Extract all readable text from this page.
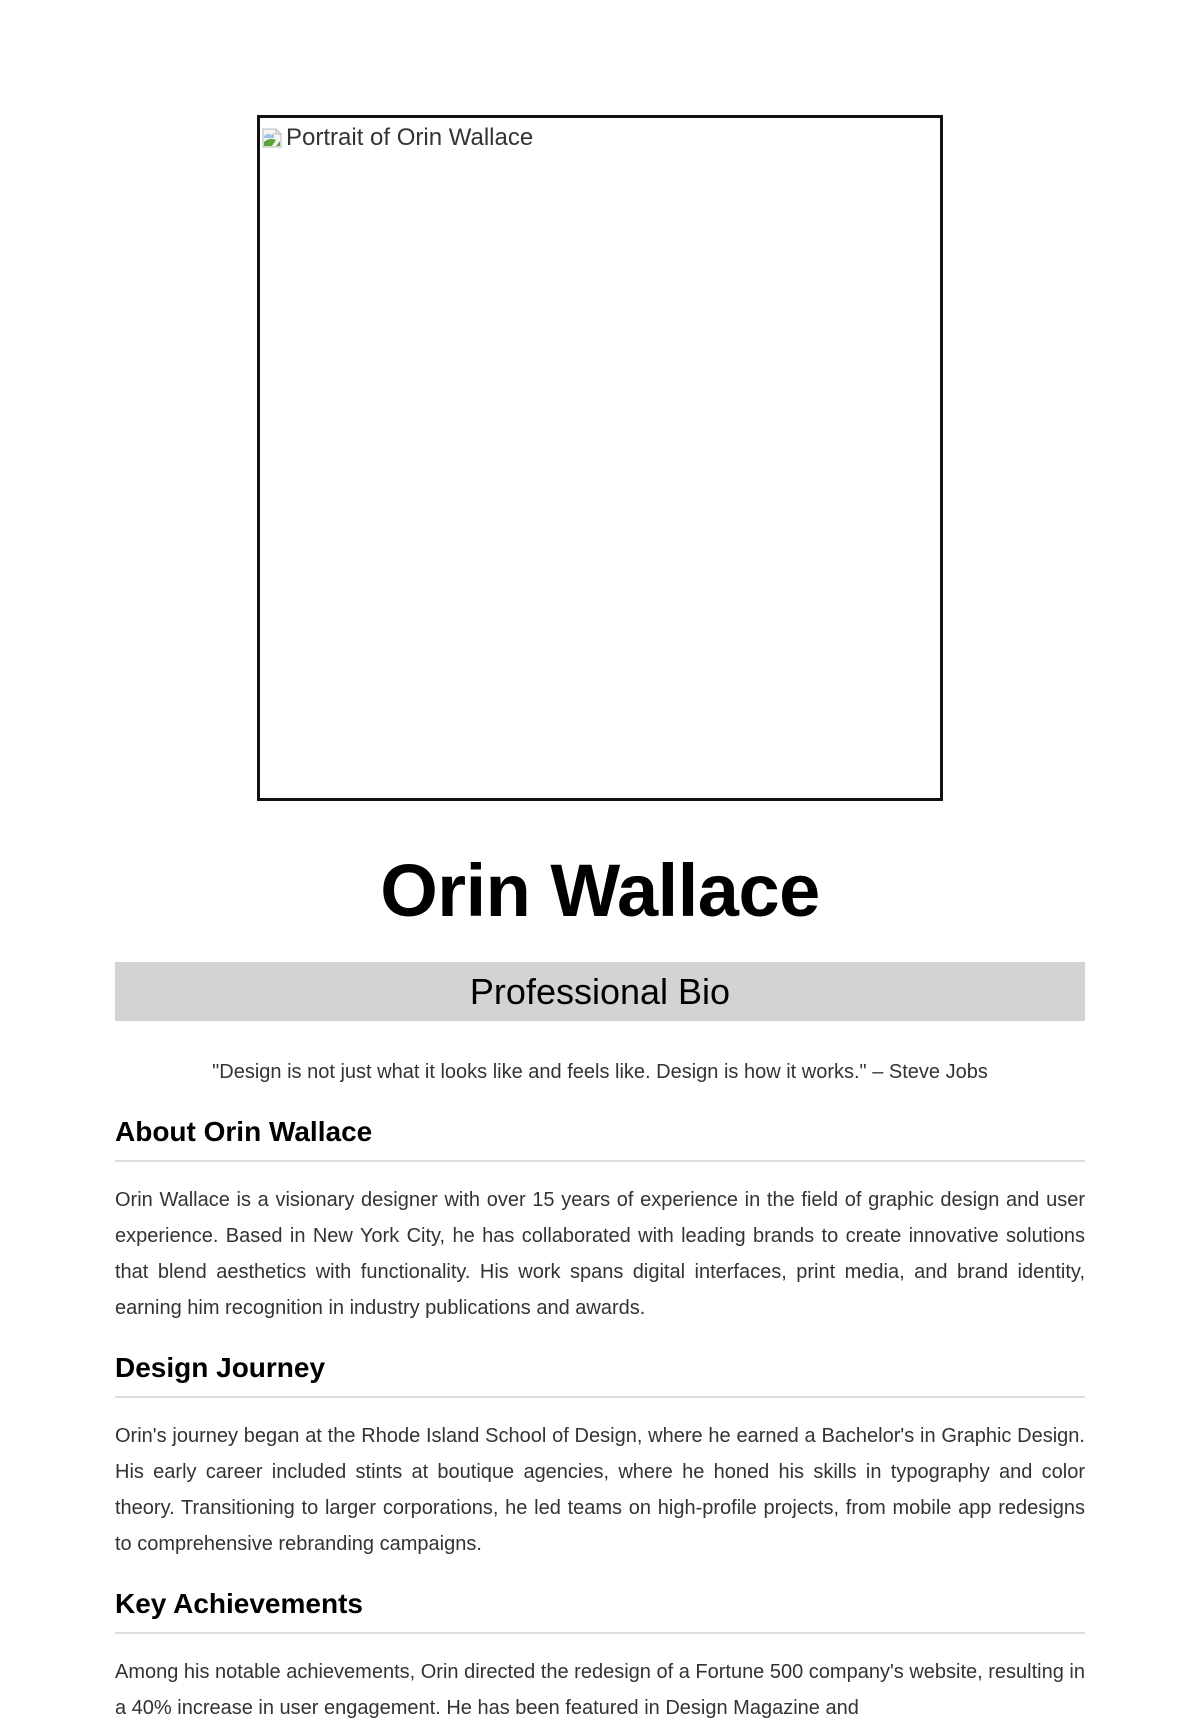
Portrait of Orin Wallace
Orin Wallace
Professional Bio

"Design is not just what it looks like and feels like. Design is how it works." – Steve Jobs

About Orin Wallace

Orin Wallace is a visionary designer with over 15 years of experience in the field of graphic design and user experience. Based in New York City, he has collaborated with leading brands to create innovative solutions that blend aesthetics with functionality. His work spans digital interfaces, print media, and brand identity, earning him recognition in industry publications and awards.

Design Journey

Orin's journey began at the Rhode Island School of Design, where he earned a Bachelor's in Graphic Design. His early career included stints at boutique agencies, where he honed his skills in typography and color theory. Transitioning to larger corporations, he led teams on high-profile projects, from mobile app redesigns to comprehensive rebranding campaigns.

Key Achievements

Among his notable achievements, Orin directed the redesign of a Fortune 500 company's website, resulting in a 40% increase in user engagement. He has been featured in Design Magazine and
